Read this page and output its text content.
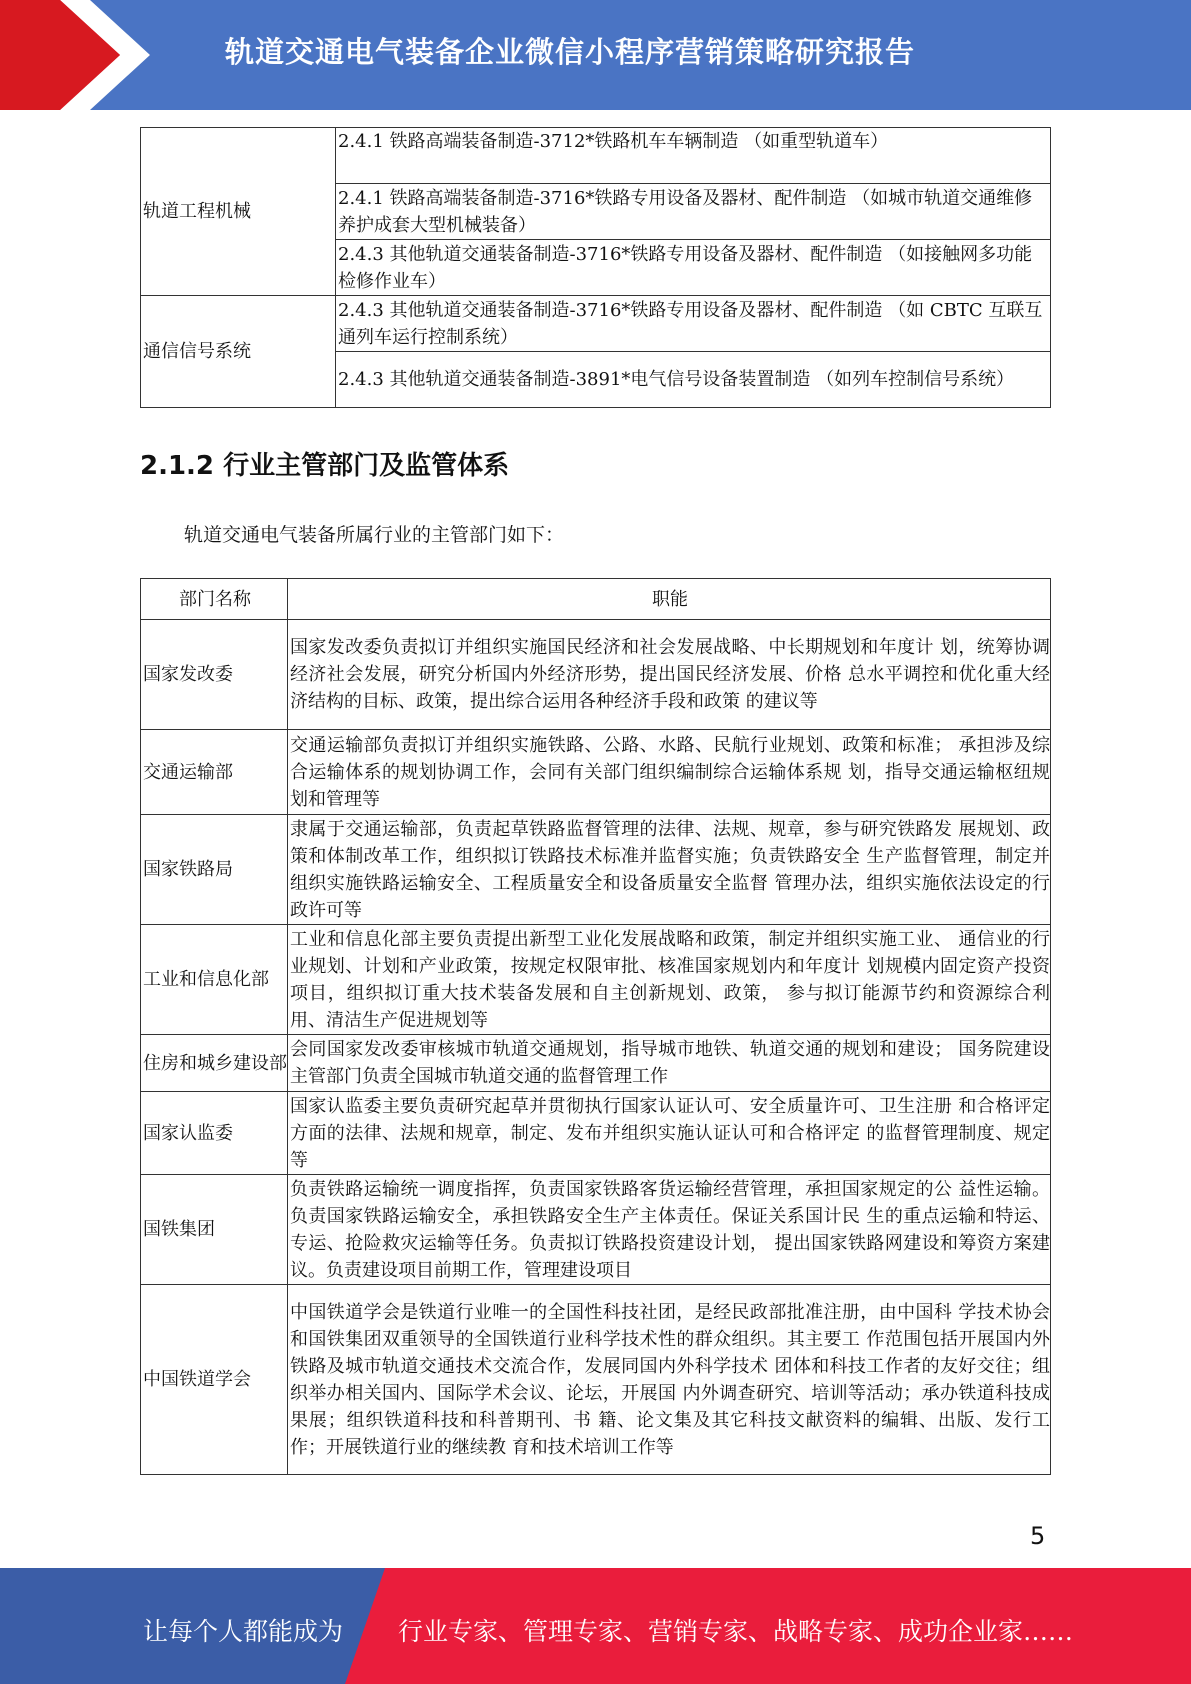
轨道交通电气装备企业微信小程序营销策略研究报告
轨道工程机械	2.4.1 铁路高端装备制造-3712*铁路机车车辆制造 （如重型轨道车）
	2.4.1 铁路高端装备制造-3716*铁路专用设备及器材、配件制造 （如城市轨道交通维修养护成套大型机械装备）
	2.4.3 其他轨道交通装备制造-3716*铁路专用设备及器材、配件制造 （如接触网多功能检修作业车）
通信信号系统	2.4.3 其他轨道交通装备制造-3716*铁路专用设备及器材、配件制造 （如 CBTC 互联互通列车运行控制系统）
	2.4.3 其他轨道交通装备制造-3891*电气信号设备装置制造 （如列车控制信号系统）
2.1.2 行业主管部门及监管体系
轨道交通电气装备所属行业的主管部门如下：
部门名称	职能
国家发改委	国家发改委负责拟订并组织实施国民经济和社会发展战略、中长期规划和年度计 划，统筹协调经济社会发展，研究分析国内外经济形势，提出国民经济发展、价格 总水平调控和优化重大经济结构的目标、政策，提出综合运用各种经济手段和政策 的建议等
交通运输部	交通运输部负责拟订并组织实施铁路、公路、水路、民航行业规划、政策和标准； 承担涉及综合运输体系的规划协调工作，会同有关部门组织编制综合运输体系规 划，指导交通运输枢纽规划和管理等
国家铁路局	隶属于交通运输部，负责起草铁路监督管理的法律、法规、规章，参与研究铁路发 展规划、政策和体制改革工作，组织拟订铁路技术标准并监督实施；负责铁路安全 生产监督管理，制定并组织实施铁路运输安全、工程质量安全和设备质量安全监督 管理办法，组织实施依法设定的行政许可等
工业和信息化部	工业和信息化部主要负责提出新型工业化发展战略和政策，制定并组织实施工业、 通信业的行业规划、计划和产业政策，按规定权限审批、核准国家规划内和年度计 划规模内固定资产投资项目，组织拟订重大技术装备发展和自主创新规划、政策， 参与拟订能源节约和资源综合利用、清洁生产促进规划等
住房和城乡建设部	会同国家发改委审核城市轨道交通规划，指导城市地铁、轨道交通的规划和建设； 国务院建设主管部门负责全国城市轨道交通的监督管理工作
国家认监委	国家认监委主要负责研究起草并贯彻执行国家认证认可、安全质量许可、卫生注册 和合格评定方面的法律、法规和规章，制定、发布并组织实施认证认可和合格评定 的监督管理制度、规定等
国铁集团	负责铁路运输统一调度指挥，负责国家铁路客货运输经营管理，承担国家规定的公 益性运输。负责国家铁路运输安全，承担铁路安全生产主体责任。保证关系国计民 生的重点运输和特运、专运、抢险救灾运输等任务。负责拟订铁路投资建设计划， 提出国家铁路网建设和筹资方案建议。负责建设项目前期工作，管理建设项目
中国铁道学会	中国铁道学会是铁道行业唯一的全国性科技社团，是经民政部批准注册，由中国科 学技术协会和国铁集团双重领导的全国铁道行业科学技术性的群众组织。其主要工 作范围包括开展国内外铁路及城市轨道交通技术交流合作，发展同国内外科学技术 团体和科技工作者的友好交往；组织举办相关国内、国际学术会议、论坛，开展国 内外调查研究、培训等活动；承办铁道科技成果展；组织铁道科技和科普期刊、书 籍、论文集及其它科技文献资料的编辑、出版、发行工作；开展铁道行业的继续教 育和技术培训工作等
5
让每个人都能成为 行业专家、管理专家、营销专家、战略专家、成功企业家……
